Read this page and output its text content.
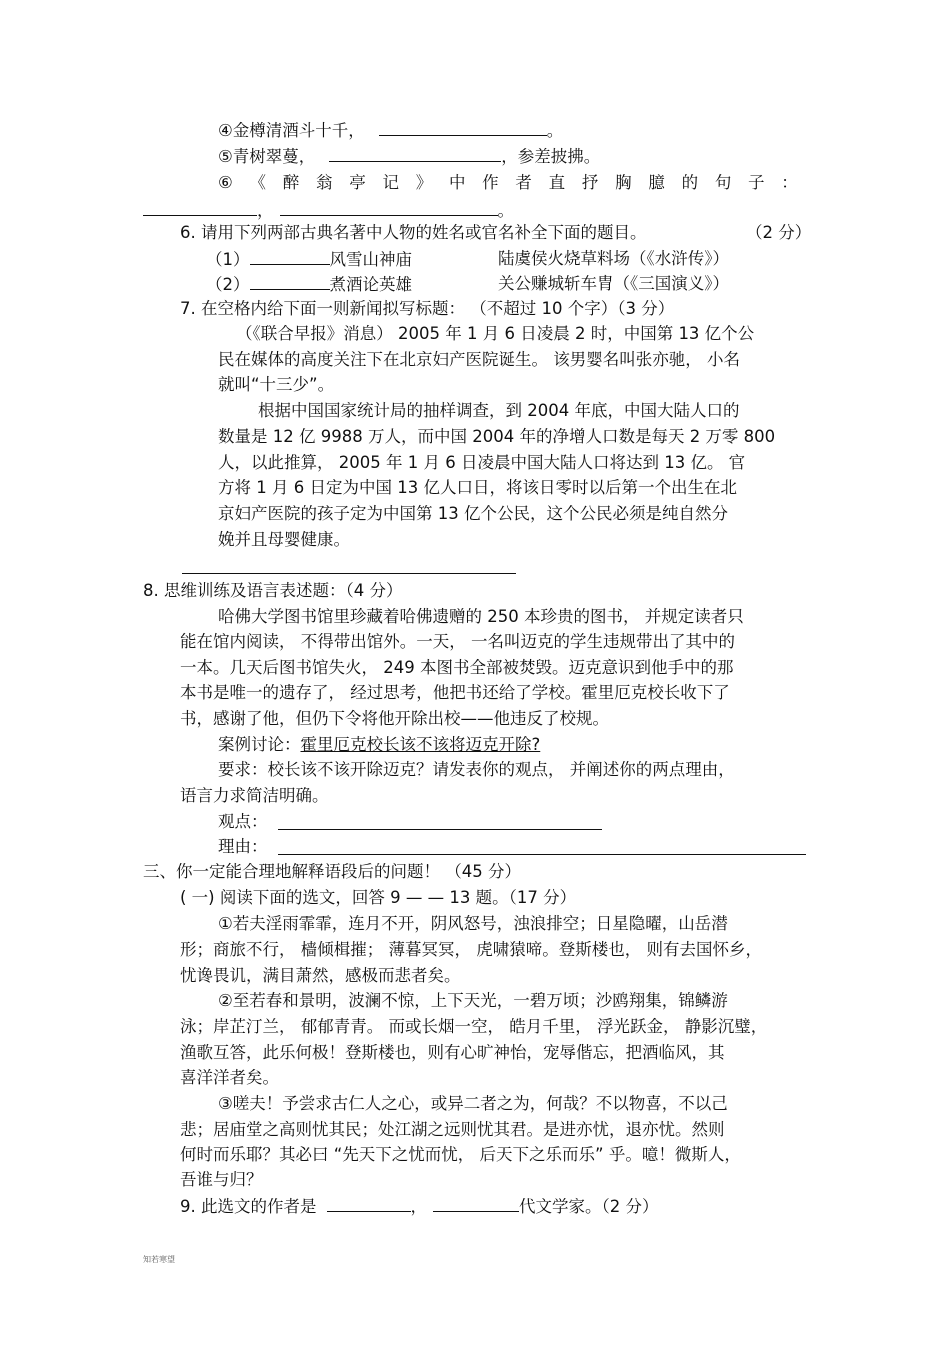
④金樽清酒斗十千，	。
⑤青树翠蔓，	，参差披拂。
⑥ 《 醉 翁 亭 记 》 中 作 者 直 抒 胸 臆 的 句 子 ：
，	。
6. 请用下列两部古典名著中人物的姓名或官名补全下面的题目。	（2 分）
（1）	风雪山神庙	陆虞侯火烧草料场（《水浒传》）
（2）	煮酒论英雄	关公赚城斩车胄（《三国演义》）
7. 在空格内给下面一则新闻拟写标题： （不超过 10 个字）（3 分）
（《联合早报》消息） 2005 年 1 月 6 日凌晨 2 时，中国第 13 亿个公
民在媒体的高度关注下在北京妇产医院诞生。 该男婴名叫张亦驰， 小名
就叫“十三少”。
根据中国国家统计局的抽样调查，到 2004 年底，中国大陆人口的
数量是 12 亿 9988 万人，而中国 2004 年的净增人口数是每天 2 万零 800
人，以此推算， 2005 年 1 月 6 日凌晨中国大陆人口将达到 13 亿。 官
方将 1 月 6 日定为中国 13 亿人口日，将该日零时以后第一个出生在北
京妇产医院的孩子定为中国第 13 亿个公民，这个公民必须是纯自然分
娩并且母婴健康。
8. 思维训练及语言表述题：（4 分）
哈佛大学图书馆里珍藏着哈佛遗赠的 250 本珍贵的图书， 并规定读者只
能在馆内阅读， 不得带出馆外。一天， 一名叫迈克的学生违规带出了其中的
一本。几天后图书馆失火， 249 本图书全部被焚毁。迈克意识到他手中的那
本书是唯一的遗存了， 经过思考，他把书还给了学校。霍里厄克校长收下了
书，感谢了他，但仍下令将他开除出校——他违反了校规。
案例讨论：霍里厄克校长该不该将迈克开除?
要求：校长该不该开除迈克？请发表你的观点， 并阐述你的两点理由，
语言力求简洁明确。
观点：
理由：
三、你一定能合理地解释语段后的问题！ （45 分）
( 一) 阅读下面的选文，回答 9 — — 13 题。（17 分）
①若夫淫雨霏霏，连月不开，阴风怒号，浊浪排空；日星隐曜，山岳潜
形；商旅不行， 樯倾楫摧； 薄暮冥冥， 虎啸猿啼。登斯楼也， 则有去国怀乡，
忧谗畏讥，满目萧然，感极而悲者矣。
②至若春和景明，波澜不惊，上下天光，一碧万顷；沙鸥翔集，锦鳞游
泳；岸芷汀兰， 郁郁青青。 而或长烟一空， 皓月千里， 浮光跃金， 静影沉璧，
渔歌互答，此乐何极！登斯楼也，则有心旷神怡，宠辱偕忘，把酒临风，其
喜洋洋者矣。
③嗟夫！予尝求古仁人之心，或异二者之为，何哉？不以物喜，不以己
悲；居庙堂之高则忧其民；处江湖之远则忧其君。是进亦忧，退亦忧。然则
何时而乐耶？其必曰 “先天下之忧而忧， 后天下之乐而乐” 乎。噫！微斯人，
吾谁与归？
9. 此选文的作者是	，	代文学家。（2 分）
知若寒望
